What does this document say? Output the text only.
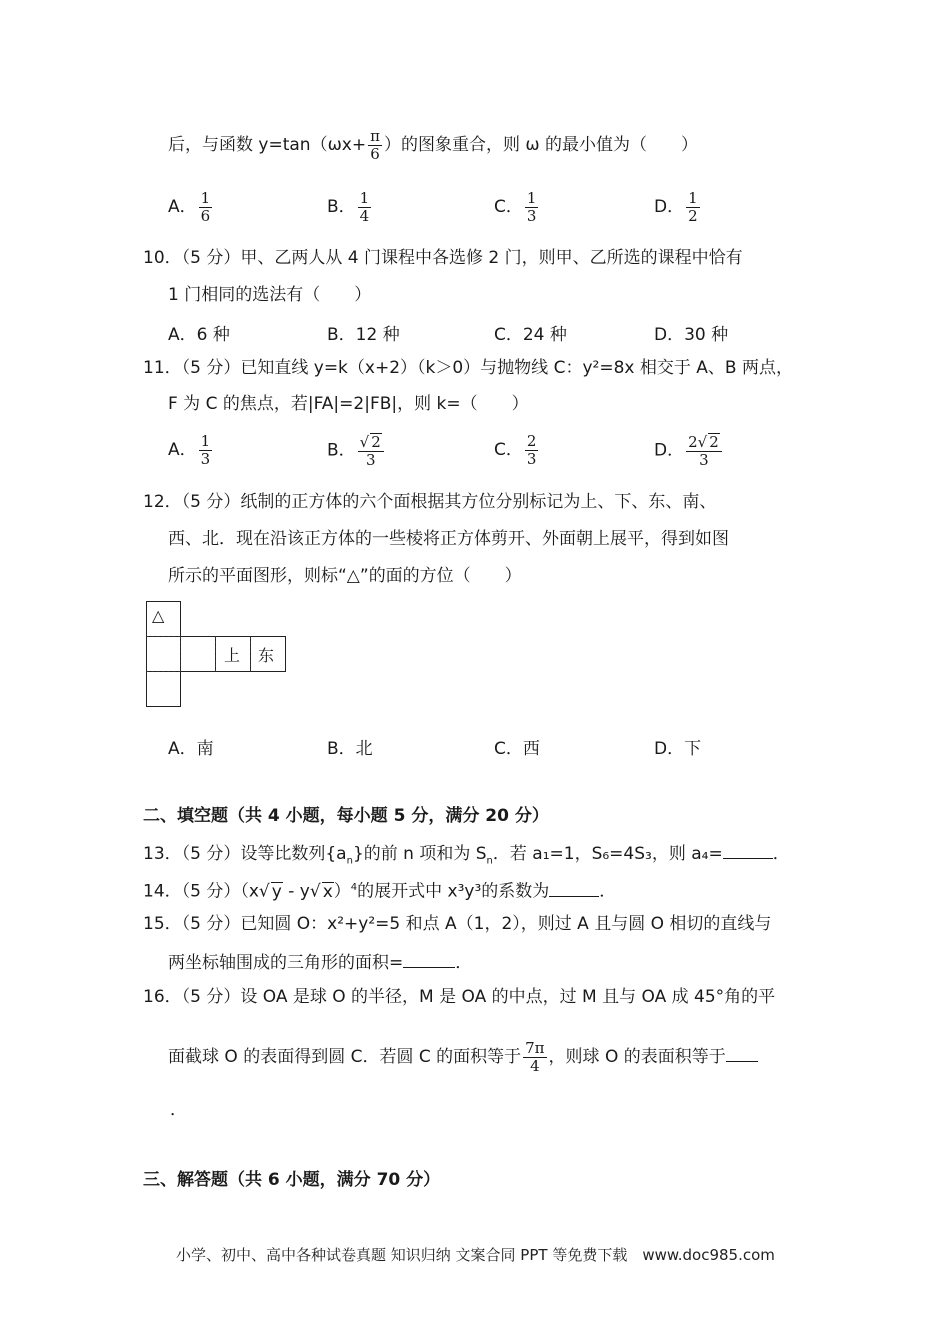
后，与函数 $y=\tan(\omega x+ \frac{\pi}{6}$ ）的图象重合，则 ω 的最小值为（　　）
A． $\frac{1}{6}$	B． $\frac{1}{4}$	C． $\frac{1}{3}$	D． $\frac{1}{2}$
10．（5 分）甲、乙两人从 4 门课程中各选修 2 门，则甲、乙所选的课程中恰有
1 门相同的选法有（　　）
A．6 种	B．12 种	C．24 种	D．30 种
11．（5 分）已知直线 y=k（x+2）（k＞0）与抛物线 C：y²=8x 相交于 A、B 两点，
F 为 C 的焦点，若|FA|=2|FB|，则 k=（　　）
A． $\frac{1}{3}$	B． $\frac{√ 2}{3}$	C． $\frac{2}{3}$	D． $\frac{2√ 2}{3}$
12．（5 分）纸制的正方体的六个面根据其方位分别标记为上、下、东、南、
西、北．现在沿该正方体的一些棱将正方体剪开、外面朝上展平，得到如图
所示的平面图形，则标“△”的面的方位（　　）
△
上 东
A．南	B．北	C．西	D．下
二、填空题（共 4 小题，每小题 5 分，满分 20 分）
13．（5 分）设等比数列$\{a_n\}$的前 n 项和为 $S_n$．若 a₁=1，S₆=4S₃，则 a₄=	．
14．（5 分）（x√ y - y√ x）$^4$的展开式中 x³y³的系数为	．
15．（5 分）已知圆 O：x²+y²=5 和点 A（1，2），则过 A 且与圆 O 相切的直线与
两坐标轴围成的三角形的面积=	．
16．（5 分）设 OA 是球 O 的半径，M 是 OA 的中点，过 M 且与 OA 成 45°角的平
面截球 O 的表面得到圆 C．若圆 C 的面积等于 $\frac{7\pi}{4}$ ，则球 O 的表面积等于
．
三、解答题（共 6 小题，满分 70 分）
小学、初中、高中各种试卷真题 知识归纳 文案合同 PPT 等免费下载　www.doc985.com
